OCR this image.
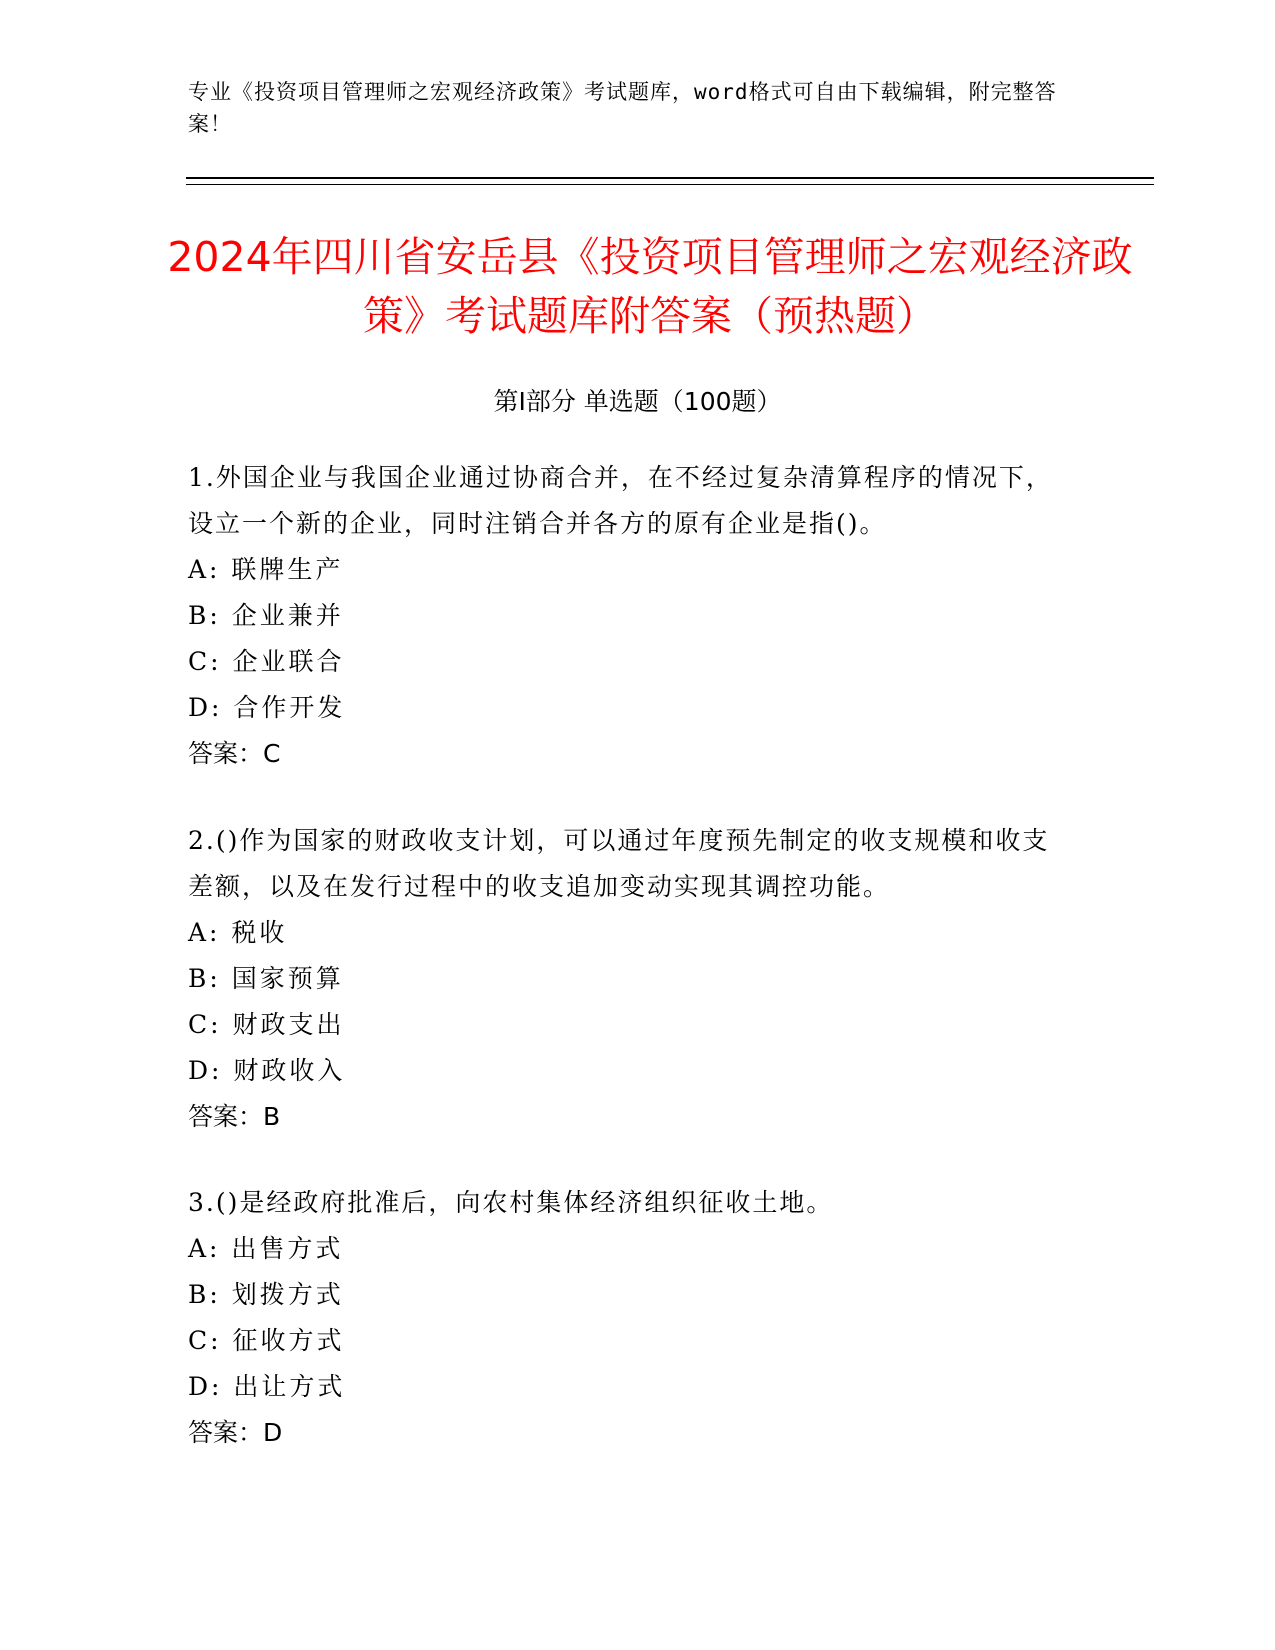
专业《投资项目管理师之宏观经济政策》考试题库，word格式可自由下载编辑，附完整答案！
2024年四川省安岳县《投资项目管理师之宏观经济政策》考试题库附答案（预热题）
第Ⅰ部分 单选题（100题）

1.外国企业与我国企业通过协商合并，在不经过复杂清算程序的情况下，设立一个新的企业，同时注销合并各方的原有企业是指()。

A: 联牌生产

B: 企业兼并

C: 企业联合

D: 合作开发

答案：C

2.()作为国家的财政收支计划，可以通过年度预先制定的收支规模和收支差额，以及在发行过程中的收支追加变动实现其调控功能。

A: 税收

B: 国家预算

C: 财政支出

D: 财政收入

答案：B

3.()是经政府批准后，向农村集体经济组织征收土地。

A: 出售方式

B: 划拨方式

C: 征收方式

D: 出让方式

答案：D
